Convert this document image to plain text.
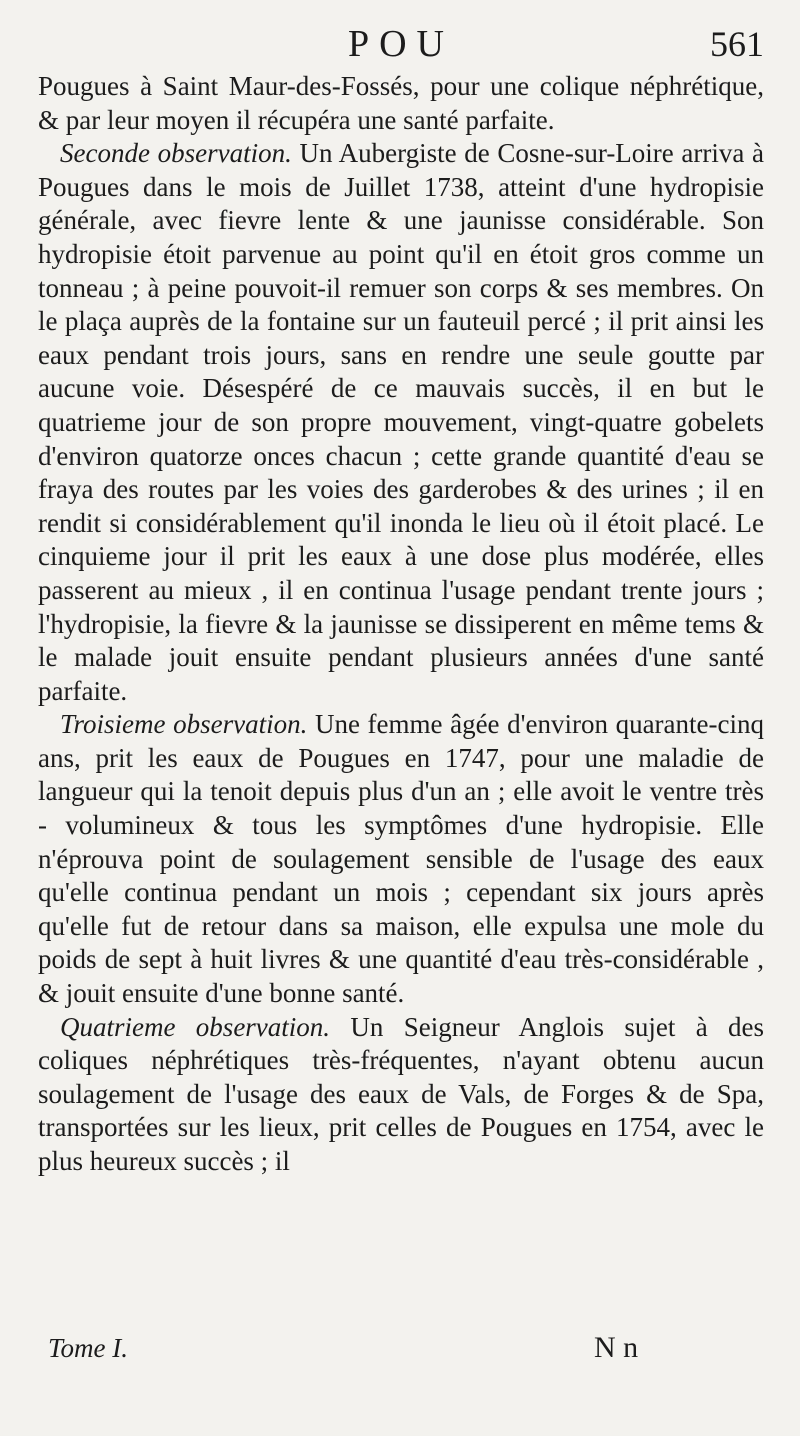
POU	561

Pougues à Saint Maur-des-Fossés, pour une colique néphrétique, & par leur moyen il récupéra une santé parfaite.

Seconde observation. Un Aubergiste de Cosne-sur-Loire arriva à Pougues dans le mois de Juillet 1738, atteint d'une hydropisie générale, avec fievre lente & une jaunisse considérable. Son hydropisie étoit parvenue au point qu'il en étoit gros comme un tonneau ; à peine pouvoit-il remuer son corps & ses membres. On le plaça auprès de la fontaine sur un fauteuil percé ; il prit ainsi les eaux pendant trois jours, sans en rendre une seule goutte par aucune voie. Désespéré de ce mauvais succès, il en but le quatrieme jour de son propre mouvement, vingt-quatre gobelets d'environ quatorze onces chacun ; cette grande quantité d'eau se fraya des routes par les voies des garderobes & des urines ; il en rendit si considérablement qu'il inonda le lieu où il étoit placé. Le cinquieme jour il prit les eaux à une dose plus modérée, elles passerent au mieux , il en continua l'usage pendant trente jours ; l'hydropisie, la fievre & la jaunisse se dissiperent en même tems & le malade jouit ensuite pendant plusieurs années d'une santé parfaite.

Troisieme observation. Une femme âgée d'environ quarante-cinq ans, prit les eaux de Pougues en 1747, pour une maladie de langueur qui la tenoit depuis plus d'un an ; elle avoit le ventre très - volumineux & tous les symptômes d'une hydropisie. Elle n'éprouva point de soulagement sensible de l'usage des eaux qu'elle continua pendant un mois ; cependant six jours après qu'elle fut de retour dans sa maison, elle expulsa une mole du poids de sept à huit livres & une quantité d'eau très-considérable , & jouit ensuite d'une bonne santé.

Quatrieme observation. Un Seigneur Anglois sujet à des coliques néphrétiques très-fréquentes, n'ayant obtenu aucun soulagement de l'usage des eaux de Vals, de Forges & de Spa, transportées sur les lieux, prit celles de Pougues en 1754, avec le plus heureux succès ; il

Tome I.	N n
